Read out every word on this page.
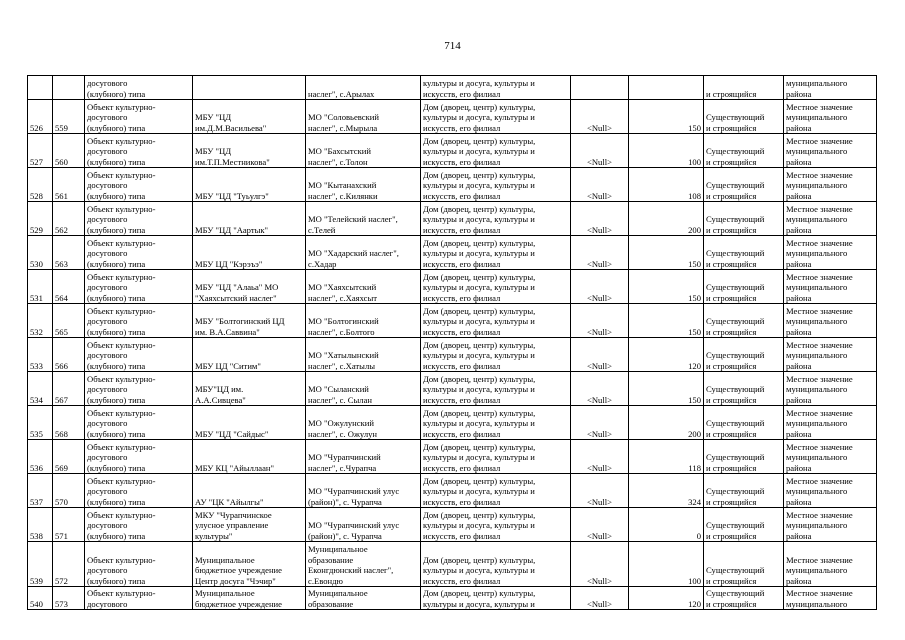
714
		досугового
(клубного) типа		наслег", с.Арылах	культуры и досуга, культуры и
искусств, его филиал			и строящийся	муниципального
района
526	559	Объект культурно-
досугового
(клубного) типа	МБУ "ЦД
им.Д.М.Васильева"	МО "Соловьевский
наслег", с.Мырыла	Дом (дворец, центр) культуры,
культуры и досуга, культуры и
искусств, его филиал	<Null>	150	Существующий
и строящийся	Местное значение
муниципального
района
527	560	Объект культурно-
досугового
(клубного) типа	МБУ "ЦД
им.Т.П.Местникова"	МО "Бахсытский
наслег", с.Толон	Дом (дворец, центр) культуры,
культуры и досуга, культуры и
искусств, его филиал	<Null>	100	Существующий
и строящийся	Местное значение
муниципального
района
528	561	Объект культурно-
досугового
(клубного) типа	МБУ "ЦД "Туьулгэ"	МО "Кытанахский
наслег", с.Килянки	Дом (дворец, центр) культуры,
культуры и досуга, культуры и
искусств, его филиал	<Null>	108	Существующий
и строящийся	Местное значение
муниципального
района
529	562	Объект культурно-
досугового
(клубного) типа	МБУ "ЦД "Аартык"	МО "Телейский наслег",
с.Телей	Дом (дворец, центр) культуры,
культуры и досуга, культуры и
искусств, его филиал	<Null>	200	Существующий
и строящийся	Местное значение
муниципального
района
530	563	Объект культурно-
досугового
(клубного) типа	МБУ ЦД "Кэрэъэ"	МО "Хадарский наслег",
с.Хадар	Дом (дворец, центр) культуры,
культуры и досуга, культуры и
искусств, его филиал	<Null>	150	Существующий
и строящийся	Местное значение
муниципального
района
531	564	Объект культурно-
досугового
(клубного) типа	МБУ "ЦД "Алаьа" МО
"Хаяхсытский наслег"	МО "Хаяхсытский
наслег", с.Хаяхсыт	Дом (дворец, центр) культуры,
культуры и досуга, культуры и
искусств, его филиал	<Null>	150	Существующий
и строящийся	Местное значение
муниципального
района
532	565	Объект культурно-
досугового
(клубного) типа	МБУ "Болтогинский ЦД
им. В.А.Саввина"	МО "Болтогинский
наслег", с.Болтого	Дом (дворец, центр) культуры,
культуры и досуга, культуры и
искусств, его филиал	<Null>	150	Существующий
и строящийся	Местное значение
муниципального
района
533	566	Объект культурно-
досугового
(клубного) типа	МБУ ЦД "Ситим"	МО "Хатылынский
наслег", с.Хатылы	Дом (дворец, центр) культуры,
культуры и досуга, культуры и
искусств, его филиал	<Null>	120	Существующий
и строящийся	Местное значение
муниципального
района
534	567	Объект культурно-
досугового
(клубного) типа	МБУ"ЦД им.
А.А.Сивцева"	МО "Сыланский
наслег", с. Сылан	Дом (дворец, центр) культуры,
культуры и досуга, культуры и
искусств, его филиал	<Null>	150	Существующий
и строящийся	Местное значение
муниципального
района
535	568	Объект культурно-
досугового
(клубного) типа	МБУ "ЦД "Сайдыс"	МО "Ожулунский
наслег", с. Ожулун	Дом (дворец, центр) культуры,
культуры и досуга, культуры и
искусств, его филиал	<Null>	200	Существующий
и строящийся	Местное значение
муниципального
района
536	569	Объект культурно-
досугового
(клубного) типа	МБУ КЦ "Айыллаан"	МО "Чурапчинский
наслег", с.Чурапча	Дом (дворец, центр) культуры,
культуры и досуга, культуры и
искусств, его филиал	<Null>	118	Существующий
и строящийся	Местное значение
муниципального
района
537	570	Объект культурно-
досугового
(клубного) типа	АУ "ЦК "Айылгы"	МО "Чурапчинский улус
(район)", с. Чурапча	Дом (дворец, центр) культуры,
культуры и досуга, культуры и
искусств, его филиал	<Null>	324	Существующий
и строящийся	Местное значение
муниципального
района
538	571	Объект культурно-
досугового
(клубного) типа	МКУ "Чурапчинское
улусное управление
культуры"	МО "Чурапчинский улус
(район)", с. Чурапча	Дом (дворец, центр) культуры,
культуры и досуга, культуры и
искусств, его филиал	<Null>	0	Существующий
и строящийся	Местное значение
муниципального
района
539	572	Объект культурно-
досугового
(клубного) типа	Муниципальное
бюджетное учреждение
Центр досуга "Чэчир"	Муниципальное
образование
Еконгдюнский наслег",
с.Евондю	Дом (дворец, центр) культуры,
культуры и досуга, культуры и
искусств, его филиал	<Null>	100	Существующий
и строящийся	Местное значение
муниципального
района
540	573	Объект культурно-
досугового	Муниципальное
бюджетное учреждение	Муниципальное
образование	Дом (дворец, центр) культуры,
культуры и досуга, культуры и	<Null>	120	Существующий
и строящийся	Местное значение
муниципального
